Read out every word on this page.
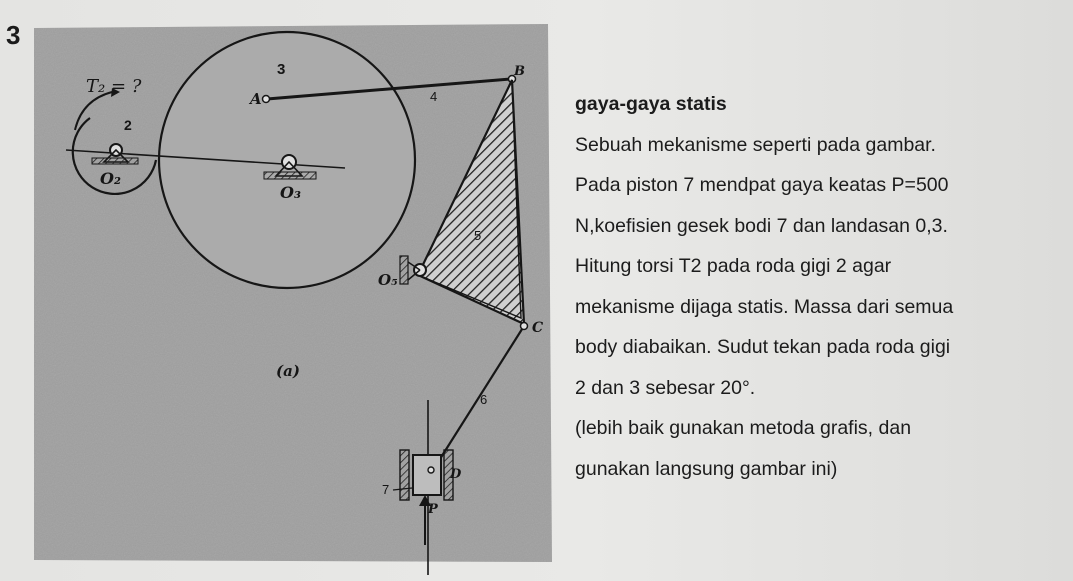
3
T₂ = ?
2
3
O₂
O₃
O₅
A
B
C
D
P
4
5
6
7
(a)
gaya-gaya statis
Sebuah mekanisme seperti pada gambar.
Pada piston 7 mendpat gaya keatas P=500
N,koefisien gesek bodi 7 dan landasan 0,3.
Hitung torsi T2 pada roda gigi 2 agar
mekanisme dijaga statis. Massa dari semua
body diabaikan. Sudut tekan pada roda gigi
2 dan 3 sebesar 20°.
(lebih baik gunakan metoda grafis, dan
gunakan langsung gambar ini)
